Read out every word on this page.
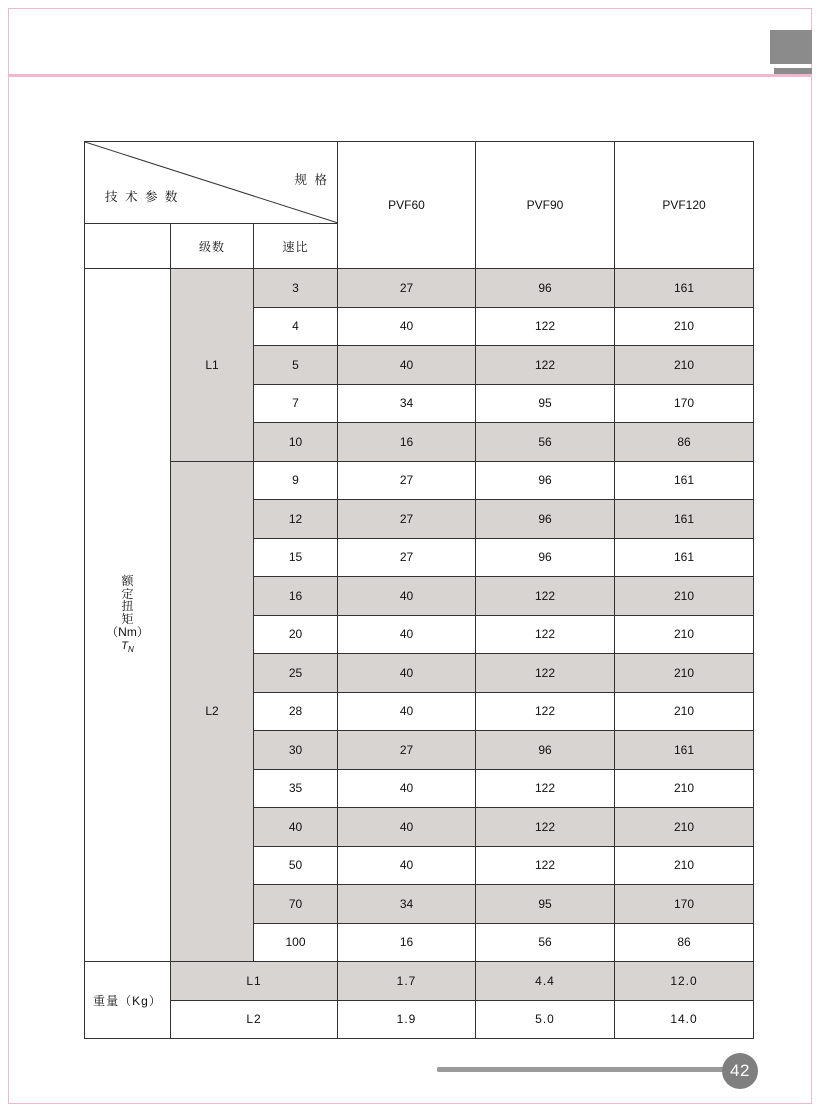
规 格
技 术 参 数			PVF60	PVF90	PVF120
	级数	速比			

额
定
扭
矩
（Nm）
$T_N$
	L1	3	27	96	161
		4	40	122	210
		5	40	122	210
		7	34	95	170
		10	16	56	86
	L2	9	27	96	161
		12	27	96	161
		15	27	96	161
		16	40	122	210
		20	40	122	210
		25	40	122	210
		28	40	122	210
		30	27	96	161
		35	40	122	210
		40	40	122	210
		50	40	122	210
		70	34	95	170
		100	16	56	86
重量（Kg）	L1		1.7	4.4	12.0
	L2		1.9	5.0	14.0
42
